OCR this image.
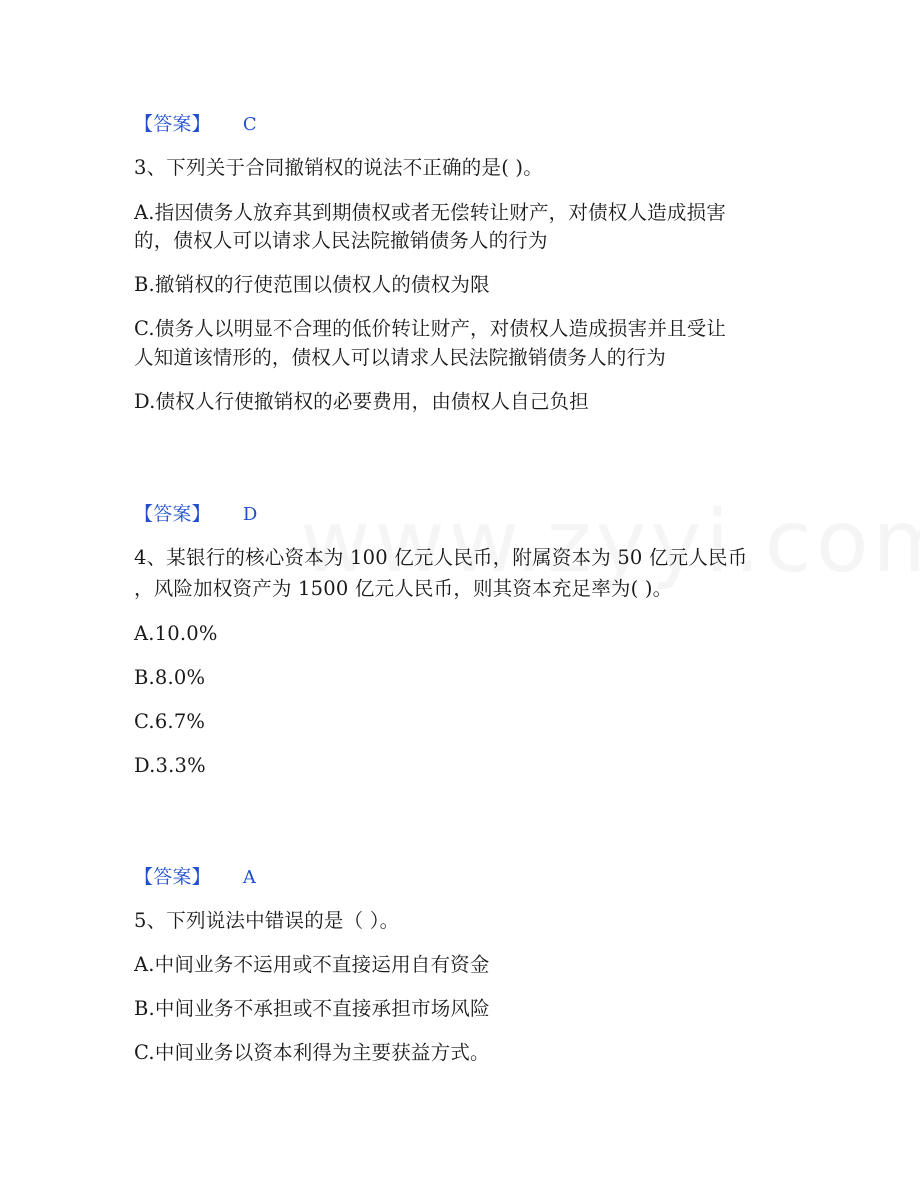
【答案】 C
3、下列关于合同撤销权的说法不正确的是( )。
A.指因债务人放弃其到期债权或者无偿转让财产，对债权人造成损害
的，债权人可以请求人民法院撤销债务人的行为
B.撤销权的行使范围以债权人的债权为限
C.债务人以明显不合理的低价转让财产，对债权人造成损害并且受让
人知道该情形的，债权人可以请求人民法院撤销债务人的行为
D.债权人行使撤销权的必要费用，由债权人自己负担
【答案】 D
4、某银行的核心资本为 100 亿元人民币，附属资本为 50 亿元人民币
，风险加权资产为 1500 亿元人民币，则其资本充足率为( )。
A.10.0%
B.8.0%
C.6.7%
D.3.3%
【答案】 A
5、下列说法中错误的是（ ）。
A.中间业务不运用或不直接运用自有资金
B.中间业务不承担或不直接承担市场风险
C.中间业务以资本利得为主要获益方式。
